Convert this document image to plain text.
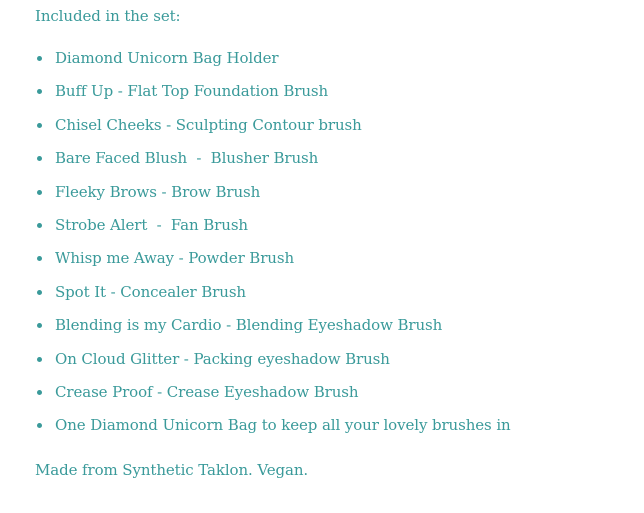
Included in the set:

Diamond Unicorn Bag Holder
Buff Up - Flat Top Foundation Brush
Chisel Cheeks - Sculpting Contour brush
Bare Faced Blush  -  Blusher Brush
Fleeky Brows - Brow Brush
Strobe Alert  -  Fan Brush
Whisp me Away - Powder Brush
Spot It - Concealer Brush
Blending is my Cardio - Blending Eyeshadow Brush
On Cloud Glitter - Packing eyeshadow Brush
Crease Proof - Crease Eyeshadow Brush
One Diamond Unicorn Bag to keep all your lovely brushes in

Made from Synthetic Taklon. Vegan.
